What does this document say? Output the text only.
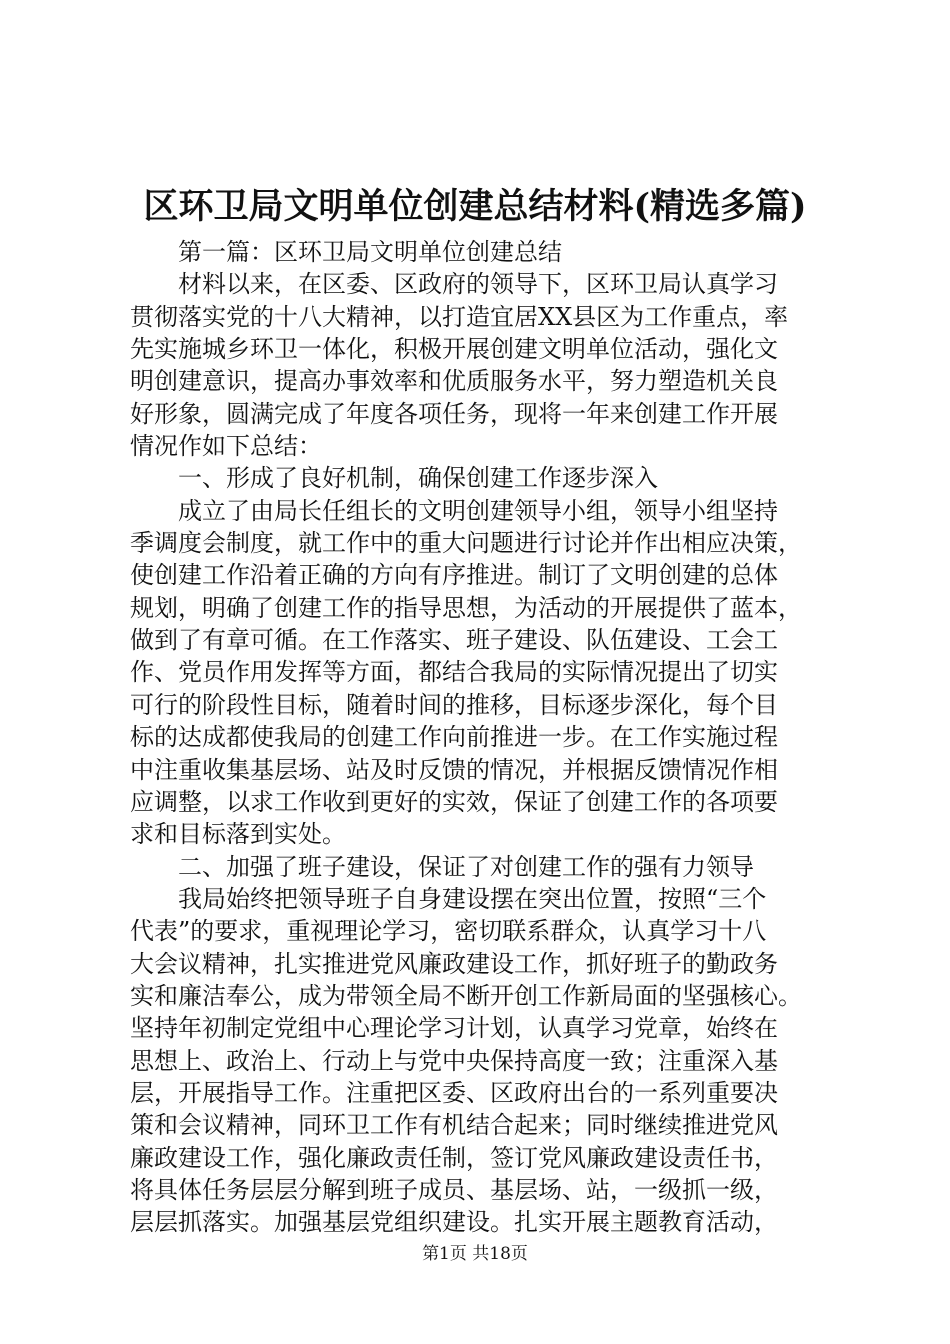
区环卫局文明单位创建总结材料(精选多篇)
第一篇：区环卫局文明单位创建总结
材料以来，在区委、区政府的领导下，区环卫局认真学习
贯彻落实党的十八大精神，以打造宜居XX县区为工作重点，率
先实施城乡环卫一体化，积极开展创建文明单位活动，强化文
明创建意识，提高办事效率和优质服务水平，努力塑造机关良
好形象，圆满完成了年度各项任务，现将一年来创建工作开展
情况作如下总结：
一、形成了良好机制，确保创建工作逐步深入
成立了由局长任组长的文明创建领导小组，领导小组坚持
季调度会制度，就工作中的重大问题进行讨论并作出相应决策，
使创建工作沿着正确的方向有序推进。制订了文明创建的总体
规划，明确了创建工作的指导思想，为活动的开展提供了蓝本，
做到了有章可循。在工作落实、班子建设、队伍建设、工会工
作、党员作用发挥等方面，都结合我局的实际情况提出了切实
可行的阶段性目标，随着时间的推移，目标逐步深化，每个目
标的达成都使我局的创建工作向前推进一步。在工作实施过程
中注重收集基层场、站及时反馈的情况，并根据反馈情况作相
应调整，以求工作收到更好的实效，保证了创建工作的各项要
求和目标落到实处。
二、加强了班子建设，保证了对创建工作的强有力领导
我局始终把领导班子自身建设摆在突出位置，按照“三个
代表”的要求，重视理论学习，密切联系群众，认真学习十八
大会议精神，扎实推进党风廉政建设工作，抓好班子的勤政务
实和廉洁奉公，成为带领全局不断开创工作新局面的坚强核心。
坚持年初制定党组中心理论学习计划，认真学习党章，始终在
思想上、政治上、行动上与党中央保持高度一致；注重深入基
层，开展指导工作。注重把区委、区政府出台的一系列重要决
策和会议精神，同环卫工作有机结合起来；同时继续推进党风
廉政建设工作，强化廉政责任制，签订党风廉政建设责任书，
将具体任务层层分解到班子成员、基层场、站，一级抓一级，
层层抓落实。加强基层党组织建设。扎实开展主题教育活动，
第1页 共18页
